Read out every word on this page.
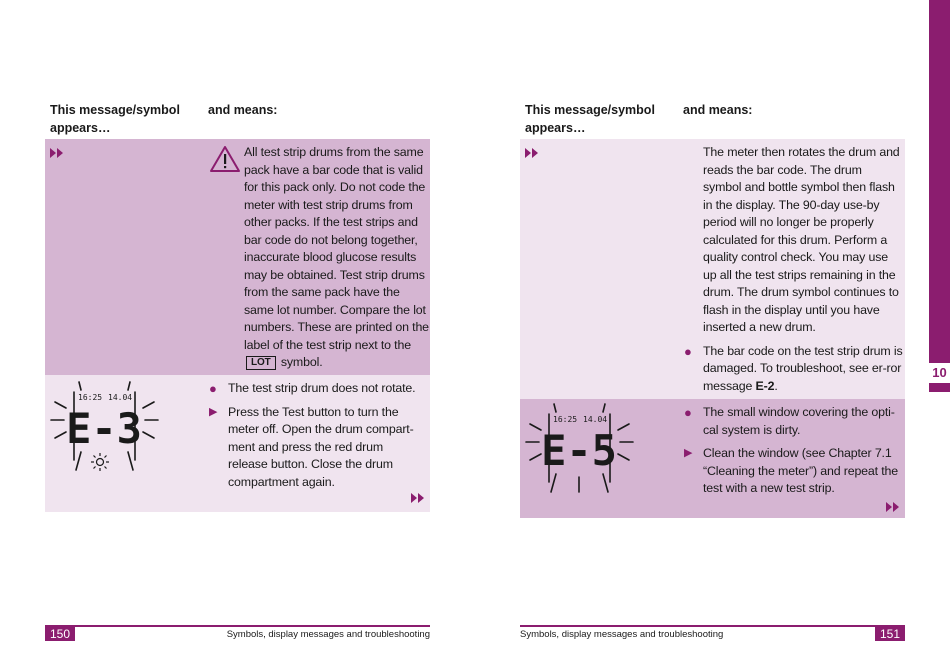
This message/symbol appears…
and means:
All test strip drums from the same pack have a bar code that is valid for this pack only. Do not code the meter with test strip drums from other packs. If the test strips and bar code do not belong together, inaccurate blood glucose results may be obtained. Test strip drums from the same pack have the same lot number. Compare the lot numbers. These are printed on the label of the test strip next to the LOT symbol.
16:25 14.04
E-3
● The test strip drum does not rotate.
▶ Press the Test button to turn the meter off. Open the drum compart-ment and press the red drum release button. Close the drum compartment again.
150	Symbols, display messages and troubleshooting
This message/symbol appears…
and means:
The meter then rotates the drum and reads the bar code. The drum symbol and bottle symbol then flash in the display. The 90-day use-by period will no longer be properly calculated for this drum. Perform a quality control check. You may use up all the test strips remaining in the drum. The drum symbol continues to flash in the display until you have inserted a new drum.
● The bar code on the test strip drum is damaged. To troubleshoot, see er-ror message E-2.
16:25 14.04
E-5
● The small window covering the opti-cal system is dirty.
▶ Clean the window (see Chapter 7.1 “Cleaning the meter”) and repeat the test with a new test strip.
Symbols, display messages and troubleshooting	151
10
